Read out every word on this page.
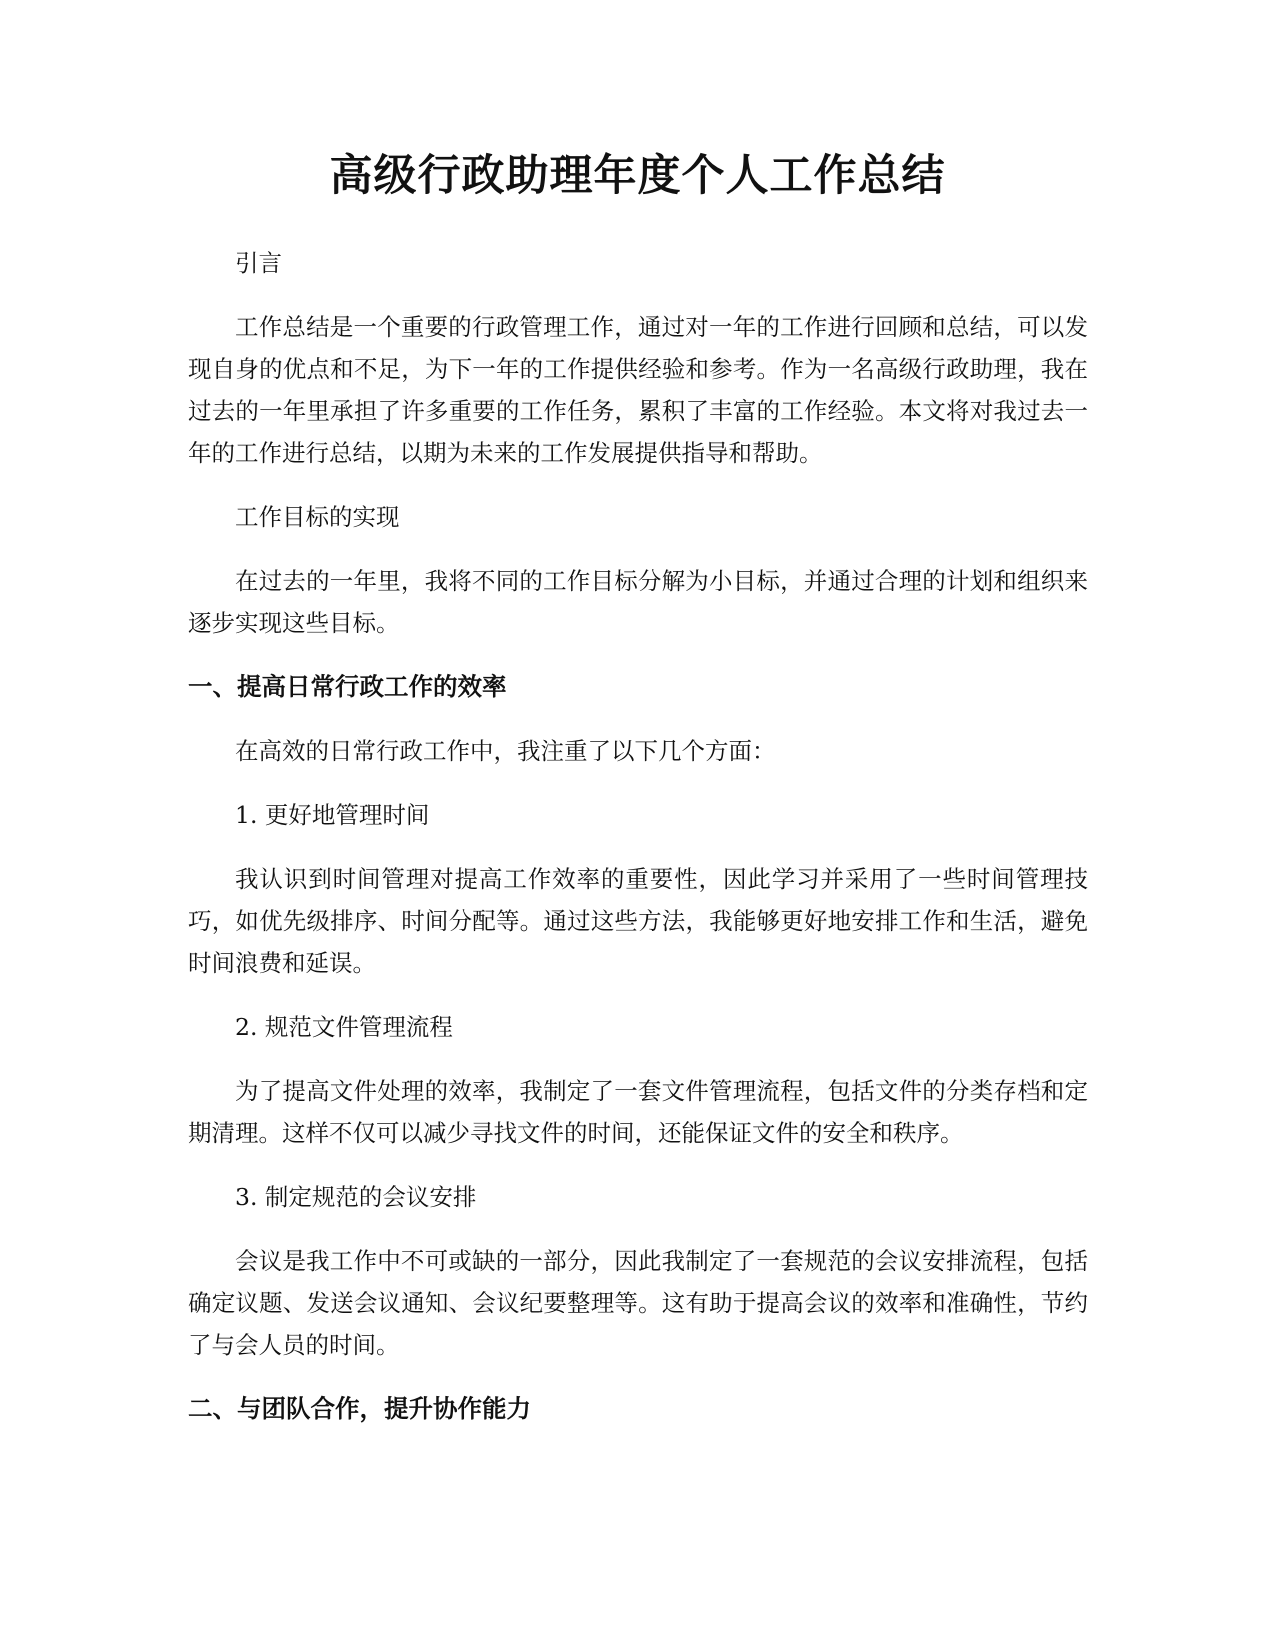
高级行政助理年度个人工作总结

引言

工作总结是一个重要的行政管理工作，通过对一年的工作进行回顾和总结，可以发现自身的优点和不足，为下一年的工作提供经验和参考。作为一名高级行政助理，我在过去的一年里承担了许多重要的工作任务，累积了丰富的工作经验。本文将对我过去一年的工作进行总结，以期为未来的工作发展提供指导和帮助。

工作目标的实现

在过去的一年里，我将不同的工作目标分解为小目标，并通过合理的计划和组织来逐步实现这些目标。

一、提高日常行政工作的效率

在高效的日常行政工作中，我注重了以下几个方面：

1. 更好地管理时间

我认识到时间管理对提高工作效率的重要性，因此学习并采用了一些时间管理技巧，如优先级排序、时间分配等。通过这些方法，我能够更好地安排工作和生活，避免时间浪费和延误。

2. 规范文件管理流程

为了提高文件处理的效率，我制定了一套文件管理流程，包括文件的分类存档和定期清理。这样不仅可以减少寻找文件的时间，还能保证文件的安全和秩序。

3. 制定规范的会议安排

会议是我工作中不可或缺的一部分，因此我制定了一套规范的会议安排流程，包括确定议题、发送会议通知、会议纪要整理等。这有助于提高会议的效率和准确性，节约了与会人员的时间。

二、与团队合作，提升协作能力
